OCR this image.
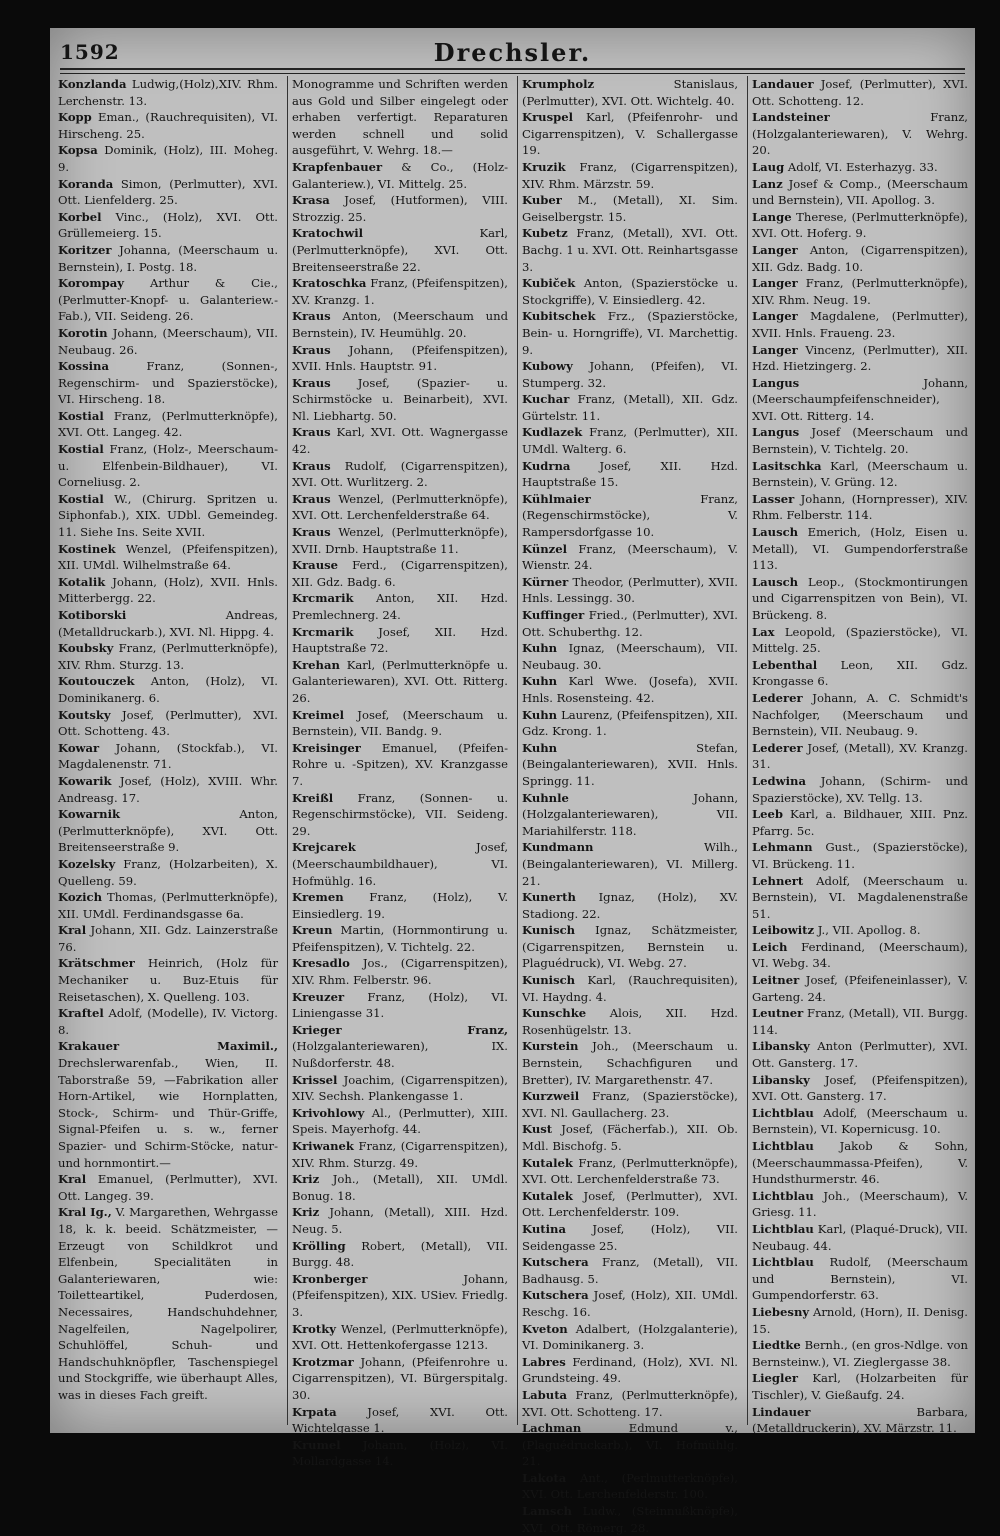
1592	Drechsler.

Konzlanda Ludwig,(Holz),XIV. Rhm. Lerchenstr. 13.

Kopp Eman., (Rauchrequisiten), VI. Hirscheng. 25.

Kopsa Dominik, (Holz), III. Moheg. 9.

Koranda Simon, (Perlmutter), XVI. Ott. Lienfelderg. 25.

Korbel Vinc., (Holz), XVI. Ott. Grüllemeierg. 15.

Koritzer Johanna, (Meerschaum u. Bernstein), I. Postg. 18.

Korompay Arthur & Cie., (Perlmutter-Knopf- u. Galanteriew.-Fab.), VII. Seideng. 26.

Korotin Johann, (Meerschaum), VII. Neubaug. 26.

Kossina Franz, (Sonnen-, Regenschirm- und Spazierstöcke), VI. Hirscheng. 18.

Kostial Franz, (Perlmutterknöpfe), XVI. Ott. Langeg. 42.

Kostial Franz, (Holz-, Meerschaum- u. Elfenbein-Bildhauer), VI. Corneliusg. 2.

Kostial W., (Chirurg. Spritzen u. Siphonfab.), XIX. UDbl. Gemeindeg. 11. Siehe Ins. Seite XVII.

Kostinek Wenzel, (Pfeifenspitzen), XII. UMdl. Wilhelmstraße 64.

Kotalik Johann, (Holz), XVII. Hnls. Mitterbergg. 22.

Kotiborski Andreas, (Metalldruckarb.), XVI. Nl. Hippg. 4.

Koubsky Franz, (Perlmutterknöpfe), XIV. Rhm. Sturzg. 13.

Koutouczek Anton, (Holz), VI. Dominikanerg. 6.

Koutsky Josef, (Perlmutter), XVI. Ott. Schotteng. 43.

Kowar Johann, (Stockfab.), VI. Magdalenenstr. 71.

Kowarik Josef, (Holz), XVIII. Whr. Andreasg. 17.

Kowarnik Anton, (Perlmutterknöpfe), XVI. Ott. Breitenseerstraße 9.

Kozelsky Franz, (Holzarbeiten), X. Quelleng. 59.

Kozich Thomas, (Perlmutterknöpfe), XII. UMdl. Ferdinandsgasse 6a.

Kral Johann, XII. Gdz. Lainzerstraße 76.

Krätschmer Heinrich, (Holz für Mechaniker u. Buz-Etuis für Reisetaschen), X. Quelleng. 103.

Kraftel Adolf, (Modelle), IV. Victorg. 8.

Krakauer Maximil., Drechslerwarenfab., Wien, II. Taborstraße 59, —Fabrikation aller Horn-Artikel, wie Hornplatten, Stock-, Schirm- und Thür-Griffe, Signal-Pfeifen u. s. w., ferner Spazier- und Schirm-Stöcke, natur- und hornmontirt.—

Kral Emanuel, (Perlmutter), XVI. Ott. Langeg. 39.

Kral Ig., V. Margarethen, Wehrgasse 18, k. k. beeid. Schätzmeister, —Erzeugt von Schildkrot und Elfenbein, Specialitäten in Galanteriewaren, wie: Toiletteartikel, Puderdosen, Necessaires, Handschuhdehner, Nagelfeilen, Nagelpolirer, Schuhlöffel, Schuh- und Handschuhknöpfler, Taschenspiegel und Stockgriffe, wie überhaupt Alles, was in dieses Fach greift.

Monogramme und Schriften werden aus Gold und Silber eingelegt oder erhaben verfertigt. Reparaturen werden schnell und solid ausgeführt, V. Wehrg. 18.—

Krapfenbauer & Co., (Holz-Galanteriew.), VI. Mittelg. 25.

Krasa Josef, (Hutformen), VIII. Strozzig. 25.

Kratochwil Karl, (Perlmutterknöpfe), XVI. Ott. Breitenseerstraße 22.

Kratoschka Franz, (Pfeifenspitzen), XV. Kranzg. 1.

Kraus Anton, (Meerschaum und Bernstein), IV. Heumühlg. 20.

Kraus Johann, (Pfeifenspitzen), XVII. Hnls. Hauptstr. 91.

Kraus Josef, (Spazier- u. Schirmstöcke u. Beinarbeit), XVI. Nl. Liebhartg. 50.

Kraus Karl, XVI. Ott. Wagnergasse 42.

Kraus Rudolf, (Cigarrenspitzen), XVI. Ott. Wurlitzerg. 2.

Kraus Wenzel, (Perlmutterknöpfe), XVI. Ott. Lerchenfelderstraße 64.

Kraus Wenzel, (Perlmutterknöpfe), XVII. Drnb. Hauptstraße 11.

Krause Ferd., (Cigarrenspitzen), XII. Gdz. Badg. 6.

Krcmarik Anton, XII. Hzd. Premlechnerg. 24.

Krcmarik Josef, XII. Hzd. Hauptstraße 72.

Krehan Karl, (Perlmutterknöpfe u. Galanteriewaren), XVI. Ott. Ritterg. 26.

Kreimel Josef, (Meerschaum u. Bernstein), VII. Bandg. 9.

Kreisinger Emanuel, (Pfeifen-Rohre u. -Spitzen), XV. Kranzgasse 7.

Kreißl Franz, (Sonnen- u. Regenschirmstöcke), VII. Seideng. 29.

Krejcarek Josef, (Meerschaumbildhauer), VI. Hofmühlg. 16.

Kremen Franz, (Holz), V. Einsiedlerg. 19.

Kreun Martin, (Hornmontirung u. Pfeifenspitzen), V. Tichtelg. 22.

Kresadlo Jos., (Cigarrenspitzen), XIV. Rhm. Felberstr. 96.

Kreuzer Franz, (Holz), VI. Liniengasse 31.

Krieger Franz, (Holzgalanteriewaren), IX. Nußdorferstr. 48.

Krissel Joachim, (Cigarrenspitzen), XIV. Sechsh. Plankengasse 1.

Krivohlowy Al., (Perlmutter), XIII. Speis. Mayerhofg. 44.

Kriwanek Franz, (Cigarrenspitzen), XIV. Rhm. Sturzg. 49.

Kriz Joh., (Metall), XII. UMdl. Bonug. 18.

Kriz Johann, (Metall), XIII. Hzd. Neug. 5.

Krölling Robert, (Metall), VII. Burgg. 48.

Kronberger Johann, (Pfeifenspitzen), XIX. USiev. Friedlg. 3.

Krotky Wenzel, (Perlmutterknöpfe), XVI. Ott. Hettenkofergasse 1213.

Krotzmar Johann, (Pfeifenrohre u. Cigarrenspitzen), VI. Bürgerspitalg. 30.

Krpata Josef, XVI. Ott. Wichtelgasse 1.

Krumel Johann, (Holz), VI. Mollardgasse 14.

Krumpholz Stanislaus, (Perlmutter), XVI. Ott. Wichtelg. 40.

Kruspel Karl, (Pfeifenrohr- und Cigarrenspitzen), V. Schallergasse 19.

Kruzik Franz, (Cigarrenspitzen), XIV. Rhm. Märzstr. 59.

Kuber M., (Metall), XI. Sim. Geiselbergstr. 15.

Kubetz Franz, (Metall), XVI. Ott. Bachg. 1 u. XVI. Ott. Reinhartsgasse 3.

Kubiček Anton, (Spazierstöcke u. Stockgriffe), V. Einsiedlerg. 42.

Kubitschek Frz., (Spazierstöcke, Bein- u. Horngriffe), VI. Marchettig. 9.

Kubowy Johann, (Pfeifen), VI. Stumperg. 32.

Kuchar Franz, (Metall), XII. Gdz. Gürtelstr. 11.

Kudlazek Franz, (Perlmutter), XII. UMdl. Walterg. 6.

Kudrna Josef, XII. Hzd. Hauptstraße 15.

Kühlmaier Franz, (Regenschirmstöcke), V. Rampersdorfgasse 10.

Künzel Franz, (Meerschaum), V. Wienstr. 24.

Kürner Theodor, (Perlmutter), XVII. Hnls. Lessingg. 30.

Kuffinger Fried., (Perlmutter), XVI. Ott. Schuberthg. 12.

Kuhn Ignaz, (Meerschaum), VII. Neubaug. 30.

Kuhn Karl Wwe. (Josefa), XVII. Hnls. Rosensteing. 42.

Kuhn Laurenz, (Pfeifenspitzen), XII. Gdz. Krong. 1.

Kuhn Stefan, (Beingalanteriewaren), XVII. Hnls. Springg. 11.

Kuhnle Johann, (Holzgalanteriewaren), VII. Mariahilferstr. 118.

Kundmann Wilh., (Beingalanteriewaren), VI. Millerg. 21.

Kunerth Ignaz, (Holz), XV. Stadiong. 22.

Kunisch Ignaz, Schätzmeister, (Cigarrenspitzen, Bernstein u. Plaguédruck), VI. Webg. 27.

Kunisch Karl, (Rauchrequisiten), VI. Haydng. 4.

Kunschke Alois, XII. Hzd. Rosenhügelstr. 13.

Kurstein Joh., (Meerschaum u. Bernstein, Schachfiguren und Bretter), IV. Margarethenstr. 47.

Kurzweil Franz, (Spazierstöcke), XVI. Nl. Gaullacherg. 23.

Kust Josef, (Fächerfab.), XII. Ob. Mdl. Bischofg. 5.

Kutalek Franz, (Perlmutterknöpfe), XVI. Ott. Lerchenfelderstraße 73.

Kutalek Josef, (Perlmutter), XVI. Ott. Lerchenfelderstr. 109.

Kutina Josef, (Holz), VII. Seidengasse 25.

Kutschera Franz, (Metall), VII. Badhausg. 5.

Kutschera Josef, (Holz), XII. UMdl. Reschg. 16.

Kveton Adalbert, (Holzgalanterie), VI. Dominikanerg. 3.

Labres Ferdinand, (Holz), XVI. Nl. Grundsteing. 49.

Labuta Franz, (Perlmutterknöpfe), XVI. Ott. Schotteng. 17.

Lachman Edmund v., (Plaguédruckarb.), VI. Hofmühlg. 21.

Lakota Ant., (Perlmutterknöpfe), XVI. Ott. Lerchenfelderstr. 100.

Lamsch Ludw., (Steinnußknöpfe), XVI. Ott. Römerg. 28.

Landauer Josef, (Perlmutter), XVI. Ott. Schotteng. 12.

Landsteiner Franz, (Holzgalanteriewaren), V. Wehrg. 20.

Laug Adolf, VI. Esterhazyg. 33.

Lanz Josef & Comp., (Meerschaum und Bernstein), VII. Apollog. 3.

Lange Therese, (Perlmutterknöpfe), XVI. Ott. Hoferg. 9.

Langer Anton, (Cigarrenspitzen), XII. Gdz. Badg. 10.

Langer Franz, (Perlmutterknöpfe), XIV. Rhm. Neug. 19.

Langer Magdalene, (Perlmutter), XVII. Hnls. Fraueng. 23.

Langer Vincenz, (Perlmutter), XII. Hzd. Hietzingerg. 2.

Langus Johann, (Meerschaumpfeifenschneider), XVI. Ott. Ritterg. 14.

Langus Josef (Meerschaum und Bernstein), V. Tichtelg. 20.

Lasitschka Karl, (Meerschaum u. Bernstein), V. Grüng. 12.

Lasser Johann, (Hornpresser), XIV. Rhm. Felberstr. 114.

Lausch Emerich, (Holz, Eisen u. Metall), VI. Gumpendorferstraße 113.

Lausch Leop., (Stockmontirungen und Cigarrenspitzen von Bein), VI. Brückeng. 8.

Lax Leopold, (Spazierstöcke), VI. Mittelg. 25.

Lebenthal Leon, XII. Gdz. Krongasse 6.

Lederer Johann, A. C. Schmidt's Nachfolger, (Meerschaum und Bernstein), VII. Neubaug. 9.

Lederer Josef, (Metall), XV. Kranzg. 31.

Ledwina Johann, (Schirm- und Spazierstöcke), XV. Tellg. 13.

Leeb Karl, a. Bildhauer, XIII. Pnz. Pfarrg. 5c.

Lehmann Gust., (Spazierstöcke), VI. Brückeng. 11.

Lehnert Adolf, (Meerschaum u. Bernstein), VI. Magdalenenstraße 51.

Leibowitz J., VII. Apollog. 8.

Leich Ferdinand, (Meerschaum), VI. Webg. 34.

Leitner Josef, (Pfeifeneinlasser), V. Garteng. 24.

Leutner Franz, (Metall), VII. Burgg. 114.

Libansky Anton (Perlmutter), XVI. Ott. Gansterg. 17.

Libansky Josef, (Pfeifenspitzen), XVI. Ott. Gansterg. 17.

Lichtblau Adolf, (Meerschaum u. Bernstein), VI. Kopernicusg. 10.

Lichtblau Jakob & Sohn, (Meerschaummassa-Pfeifen), V. Hundsthurmerstr. 46.

Lichtblau Joh., (Meerschaum), V. Griesg. 11.

Lichtblau Karl, (Plaqué-Druck), VII. Neubaug. 44.

Lichtblau Rudolf, (Meerschaum und Bernstein), VI. Gumpendorferstr. 63.

Liebesny Arnold, (Horn), II. Denisg. 15.

Liedtke Bernh., (en gros-Ndlge. von Bernsteinw.), VI. Zieglergasse 38.

Liegler Karl, (Holzarbeiten für Tischler), V. Gießaufg. 24.

Lindauer Barbara, (Metalldruckerin), XV. Märzstr. 11.
